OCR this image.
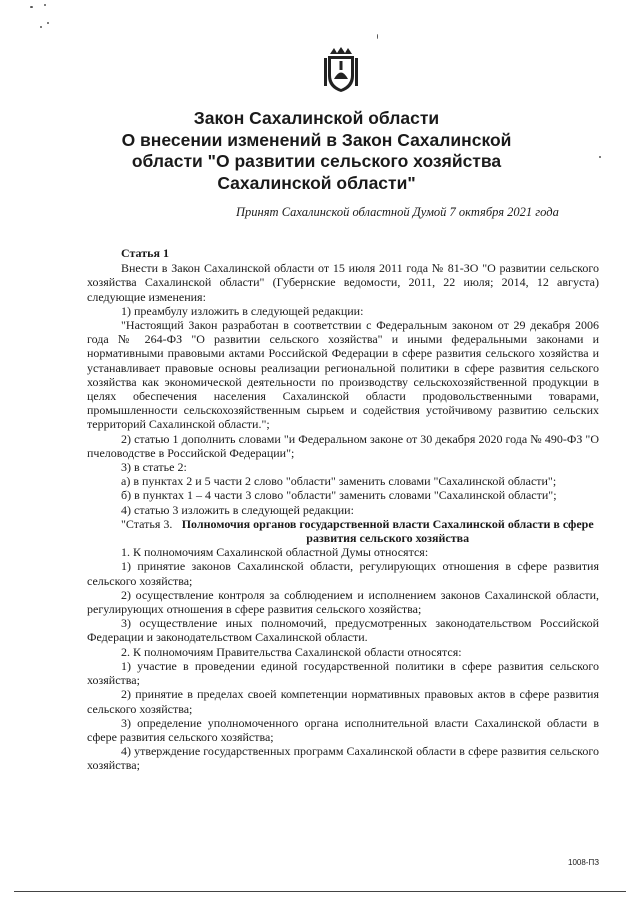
Закон Сахалинской области
О внесении изменений в Закон Сахалинской
области "О развитии сельского хозяйства
Сахалинской области"
Принят Сахалинской областной Думой 7 октября 2021 года

Статья 1

Внести в Закон Сахалинской области от 15 июля 2011 года № 81-ЗО "О развитии сельского хозяйства Сахалинской области" (Губернские ведомости, 2011, 22 июля; 2014, 12 августа) следующие изменения:

1) преамбулу изложить в следующей редакции:

"Настоящий Закон разработан в соответствии с Федеральным законом от 29 декабря 2006 года № 264-ФЗ "О развитии сельского хозяйства" и иными федеральными законами и нормативными правовыми актами Российской Федерации в сфере развития сельского хозяйства и устанавливает правовые основы реализации региональной политики в сфере развития сельского хозяйства как экономической деятельности по производству сельскохозяйственной продукции в целях обеспечения населения Сахалинской области продовольственными товарами, промышленности сельскохозяйственным сырьем и содействия устойчивому развитию сельских территорий Сахалинской области.";

2) статью 1 дополнить словами "и Федеральном законе от 30 декабря 2020 года № 490-ФЗ "О пчеловодстве в Российской Федерации";

3) в статье 2:

а) в пунктах 2 и 5 части 2 слово "области" заменить словами "Сахалинской области";

б) в пунктах 1 – 4 части 3 слово "области" заменить словами "Сахалинской области";

4) статью 3 изложить в следующей редакции:

"Статья 3. Полномочия органов государственной власти Сахалинской области в сфере развития сельского хозяйства

1. К полномочиям Сахалинской областной Думы относятся:

1) принятие законов Сахалинской области, регулирующих отношения в сфере развития сельского хозяйства;

2) осуществление контроля за соблюдением и исполнением законов Сахалинской области, регулирующих отношения в сфере развития сельского хозяйства;

3) осуществление иных полномочий, предусмотренных законодательством Российской Федерации и законодательством Сахалинской области.

2. К полномочиям Правительства Сахалинской области относятся:

1) участие в проведении единой государственной политики в сфере развития сельского хозяйства;

2) принятие в пределах своей компетенции нормативных правовых актов в сфере развития сельского хозяйства;

3) определение уполномоченного органа исполнительной власти Сахалинской области в сфере развития сельского хозяйства;

4) утверждение государственных программ Сахалинской области в сфере развития сельского хозяйства;

1008-ПЗ
